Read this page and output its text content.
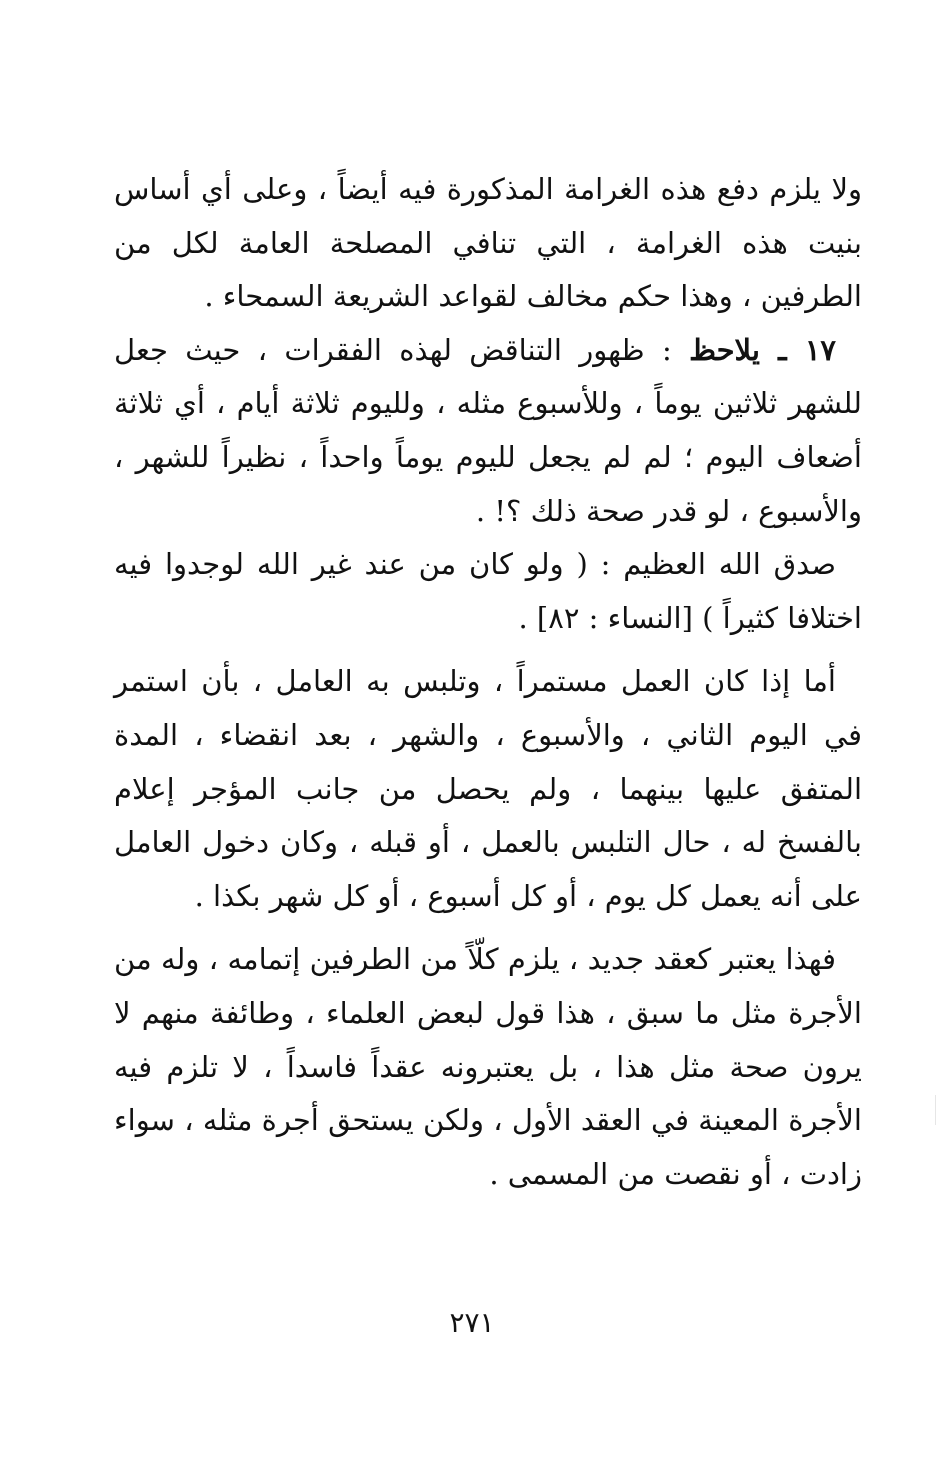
ولا يلزم دفع هذه الغرامة المذكورة فيه أيضاً ، وعلى أي أساس بنيت هذه الغرامة ، التي تنافي المصلحة العامة لكل من الطرفين ، وهذا حكم مخالف لقواعد الشريعة السمحاء .

١٧ ـ يلاحظ : ظهور التناقض لهذه الفقرات ، حيث جعل للشهر ثلاثين يوماً ، وللأسبوع مثله ، ولليوم ثلاثة أيام ، أي ثلاثة أضعاف اليوم ؛ لم لم يجعل لليوم يوماً واحداً ، نظيراً للشهر ، والأسبوع ، لو قدر صحة ذلك ؟! .

صدق الله العظيم : ( ولو كان من عند غير الله لوجدوا فيه اختلافا كثيراً ) [النساء : ٨٢] .

أما إذا كان العمل مستمراً ، وتلبس به العامل ، بأن استمر في اليوم الثاني ، والأسبوع ، والشهر ، بعد انقضاء ، المدة المتفق عليها بينهما ، ولم يحصل من جانب المؤجر إعلام بالفسخ له ، حال التلبس بالعمل ، أو قبله ، وكان دخول العامل على أنه يعمل كل يوم ، أو كل أسبوع ، أو كل شهر بكذا .

فهذا يعتبر كعقد جديد ، يلزم كلّاً من الطرفين إتمامه ، وله من الأجرة مثل ما سبق ، هذا قول لبعض العلماء ، وطائفة منهم لا يرون صحة مثل هذا ، بل يعتبرونه عقداً فاسداً ، لا تلزم فيه الأجرة المعينة في العقد الأول ، ولكن يستحق أجرة مثله ، سواء زادت ، أو نقصت من المسمى .

٢٧١
